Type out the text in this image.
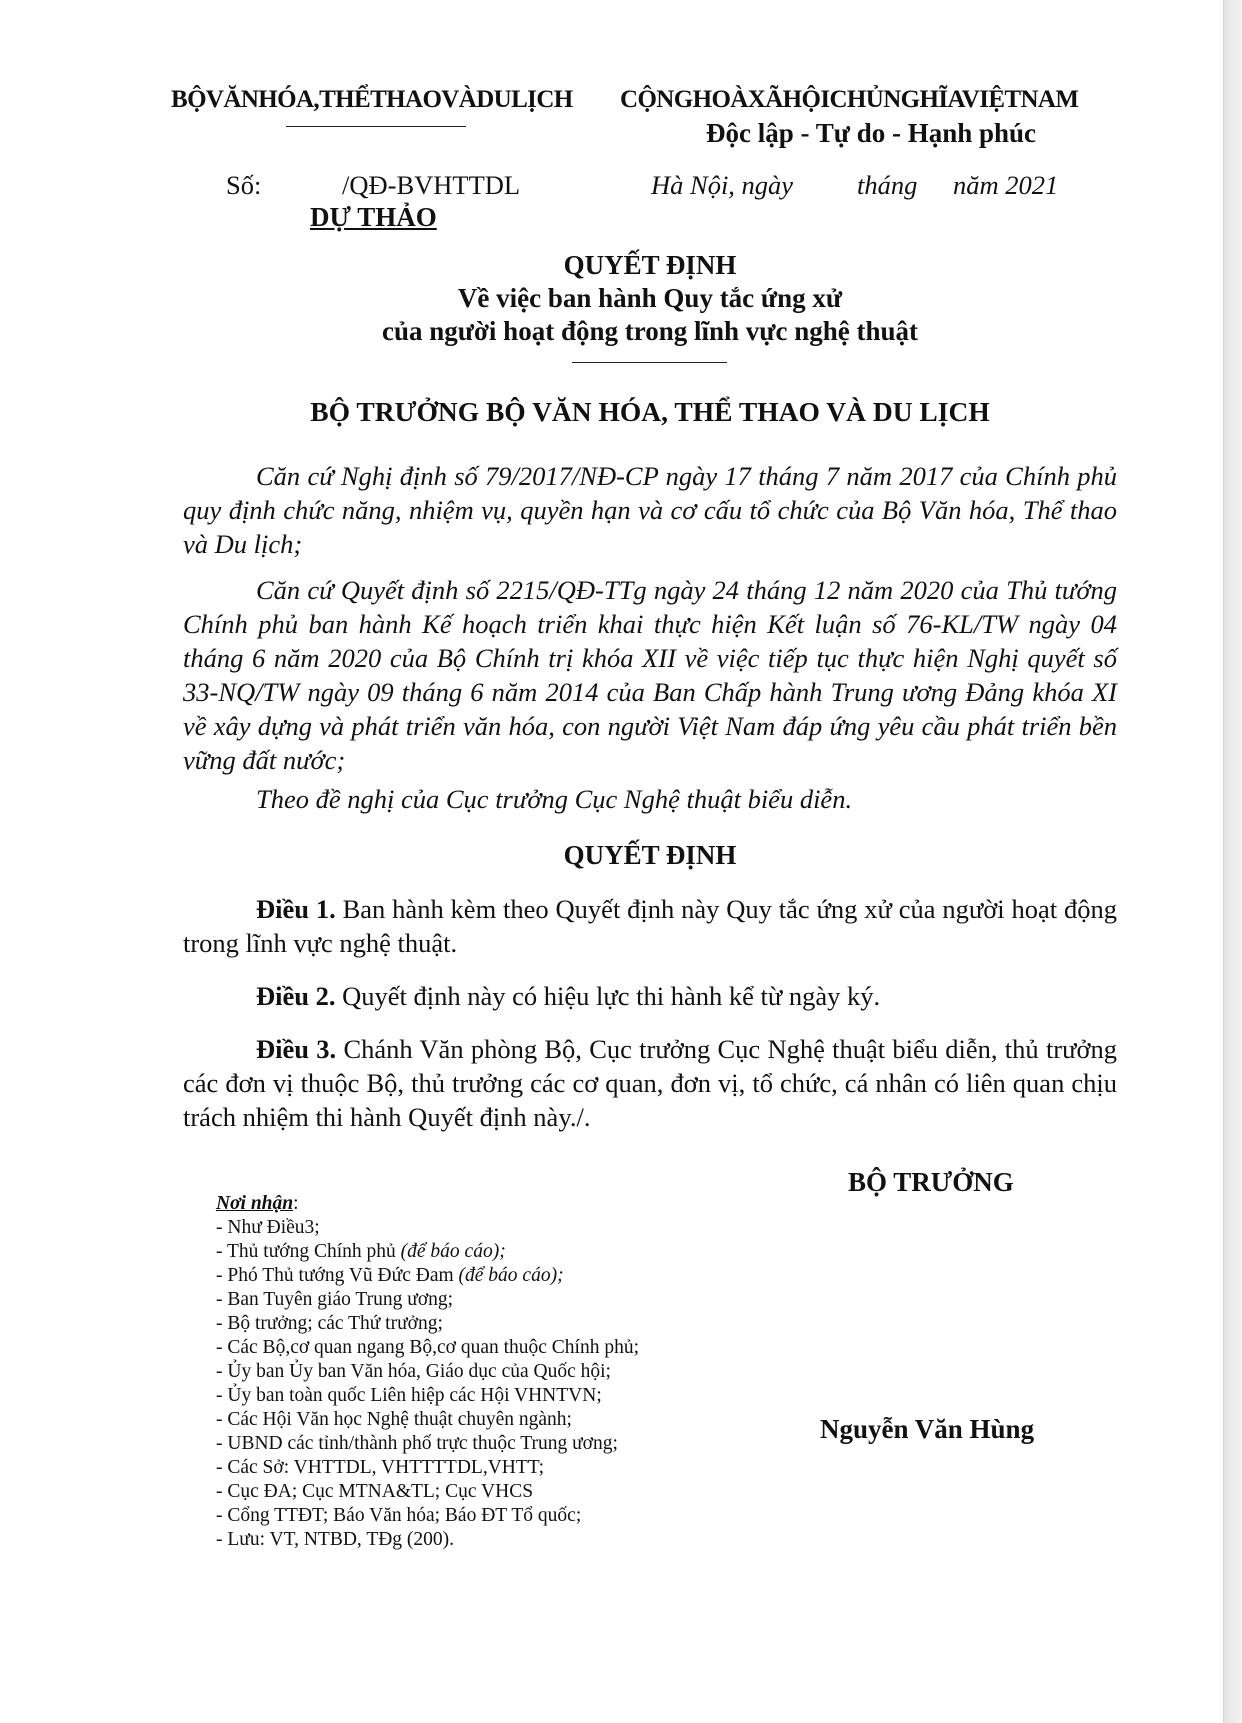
BỘVĂNHÓA,THỂTHAOVÀDULỊCH CỘNGHOÀXÃHỘICHỦNGHĨAVIỆTNAM
Độc lập - Tự do - Hạnh phúc
Số:	/QĐ-BVHTTDL	Hà Nội, ngày tháng năm 2021
DỰ THẢO
QUYẾT ĐỊNH
Về việc ban hành Quy tắc ứng xử
của người hoạt động trong lĩnh vực nghệ thuật
BỘ TRƯỞNG BỘ VĂN HÓA, THỂ THAO VÀ DU LỊCH
Căn cứ Nghị định số 79/2017/NĐ-CP ngày 17 tháng 7 năm 2017 của Chính phủ quy định chức năng, nhiệm vụ, quyền hạn và cơ cấu tổ chức của Bộ Văn hóa, Thể thao và Du lịch;
Căn cứ Quyết định số 2215/QĐ-TTg ngày 24 tháng 12 năm 2020 của Thủ tướng Chính phủ ban hành Kế hoạch triển khai thực hiện Kết luận số 76-KL/TW ngày 04 tháng 6 năm 2020 của Bộ Chính trị khóa XII về việc tiếp tục thực hiện Nghị quyết số 33-NQ/TW ngày 09 tháng 6 năm 2014 của Ban Chấp hành Trung ương Đảng khóa XI về xây dựng và phát triển văn hóa, con người Việt Nam đáp ứng yêu cầu phát triển bền vững đất nước;
Theo đề nghị của Cục trưởng Cục Nghệ thuật biểu diễn.
QUYẾT ĐỊNH
Điều 1. Ban hành kèm theo Quyết định này Quy tắc ứng xử của người hoạt động trong lĩnh vực nghệ thuật.
Điều 2. Quyết định này có hiệu lực thi hành kể từ ngày ký.
Điều 3. Chánh Văn phòng Bộ, Cục trưởng Cục Nghệ thuật biểu diễn, thủ trưởng các đơn vị thuộc Bộ, thủ trưởng các cơ quan, đơn vị, tổ chức, cá nhân có liên quan chịu trách nhiệm thi hành Quyết định này./.
BỘ TRƯỞNG
Nguyễn Văn Hùng
Nơi nhận:
- Như Điều3;
- Thủ tướng Chính phủ (để báo cáo);
- Phó Thủ tướng Vũ Đức Đam (để báo cáo);
- Ban Tuyên giáo Trung ương;
- Bộ trưởng; các Thứ trưởng;
- Các Bộ,cơ quan ngang Bộ,cơ quan thuộc Chính phủ;
- Ủy ban Ủy ban Văn hóa, Giáo dục của Quốc hội;
- Ủy ban toàn quốc Liên hiệp các Hội VHNTVN;
- Các Hội Văn học Nghệ thuật chuyên ngành;
- UBND các tỉnh/thành phố trực thuộc Trung ương;
- Các Sở: VHTTDL, VHTTTTDL,VHTT;
- Cục ĐA; Cục MTNA&TL; Cục VHCS
- Cổng TTĐT; Báo Văn hóa; Báo ĐT Tổ quốc;
- Lưu: VT, NTBD, TĐg (200).
